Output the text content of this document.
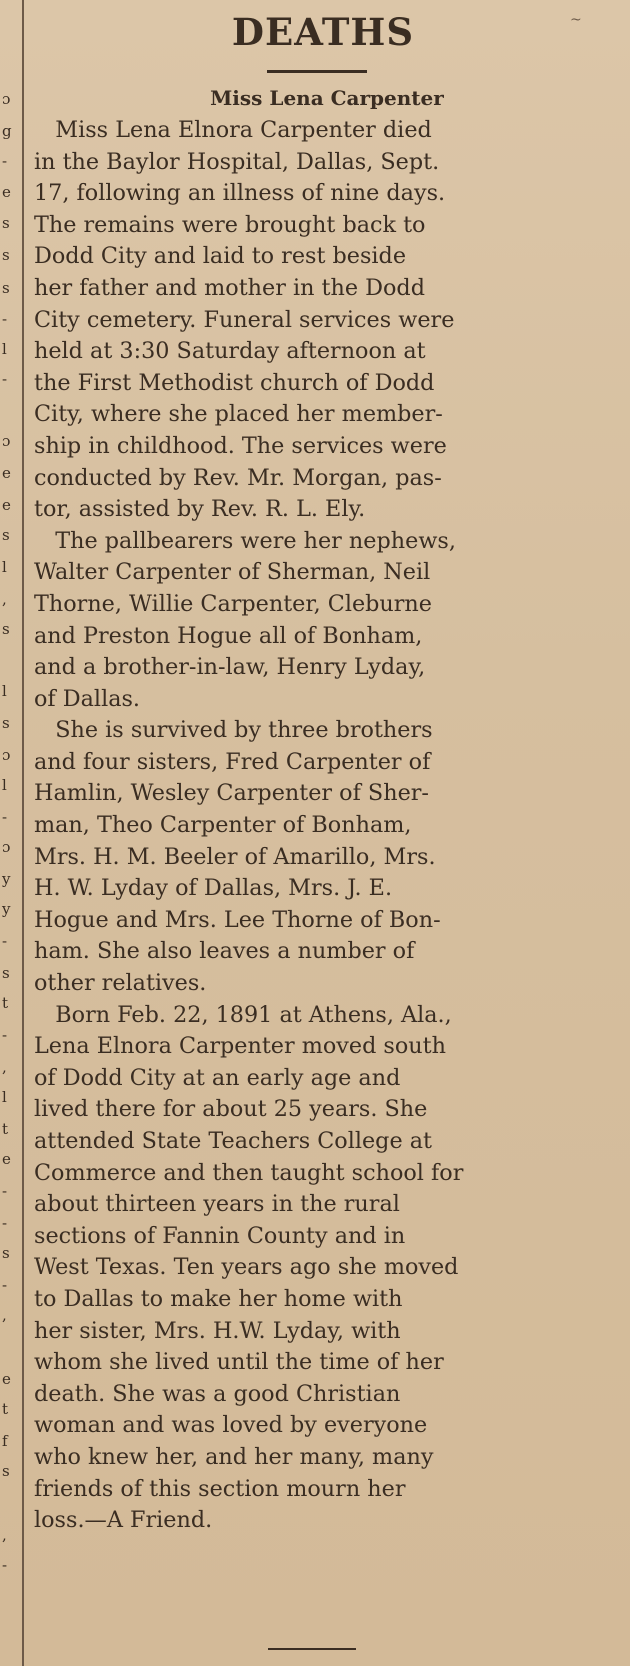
ɔ
g
-
e
s
s
s
-
l
-
ɔ
e
e
s
l
,
s
l
s
ɔ
l
-
ɔ
y
y
-
s
t
-
,
l
t
e
-
-
s
-
,
e
t
f
s
,
-
~
DEATHS
Miss Lena Carpenter
Miss Lena Elnora Carpenter died
in the Baylor Hospital, Dallas, Sept.
17, following an illness of nine days.
The remains were brought back to
Dodd City and laid to rest beside
her father and mother in the Dodd
City cemetery. Funeral services were
held at 3:30 Saturday afternoon at
the First Methodist church of Dodd
City, where she placed her member-
ship in childhood. The services were
conducted by Rev. Mr. Morgan, pas-
tor, assisted by Rev. R. L. Ely.
The pallbearers were her nephews,
Walter Carpenter of Sherman, Neil
Thorne, Willie Carpenter, Cleburne
and Preston Hogue all of Bonham,
and a brother-in-law, Henry Lyday,
of Dallas.
She is survived by three brothers
and four sisters, Fred Carpenter of
Hamlin, Wesley Carpenter of Sher-
man, Theo Carpenter of Bonham,
Mrs. H. M. Beeler of Amarillo, Mrs.
H. W. Lyday of Dallas, Mrs. J. E.
Hogue and Mrs. Lee Thorne of Bon-
ham. She also leaves a number of
other relatives.
Born Feb. 22, 1891 at Athens, Ala.,
Lena Elnora Carpenter moved south
of Dodd City at an early age and
lived there for about 25 years. She
attended State Teachers College at
Commerce and then taught school for
about thirteen years in the rural
sections of Fannin County and in
West Texas. Ten years ago she moved
to Dallas to make her home with
her sister, Mrs. H.W. Lyday, with
whom she lived until the time of her
death. She was a good Christian
woman and was loved by everyone
who knew her, and her many, many
friends of this section mourn her
loss.—A Friend.
